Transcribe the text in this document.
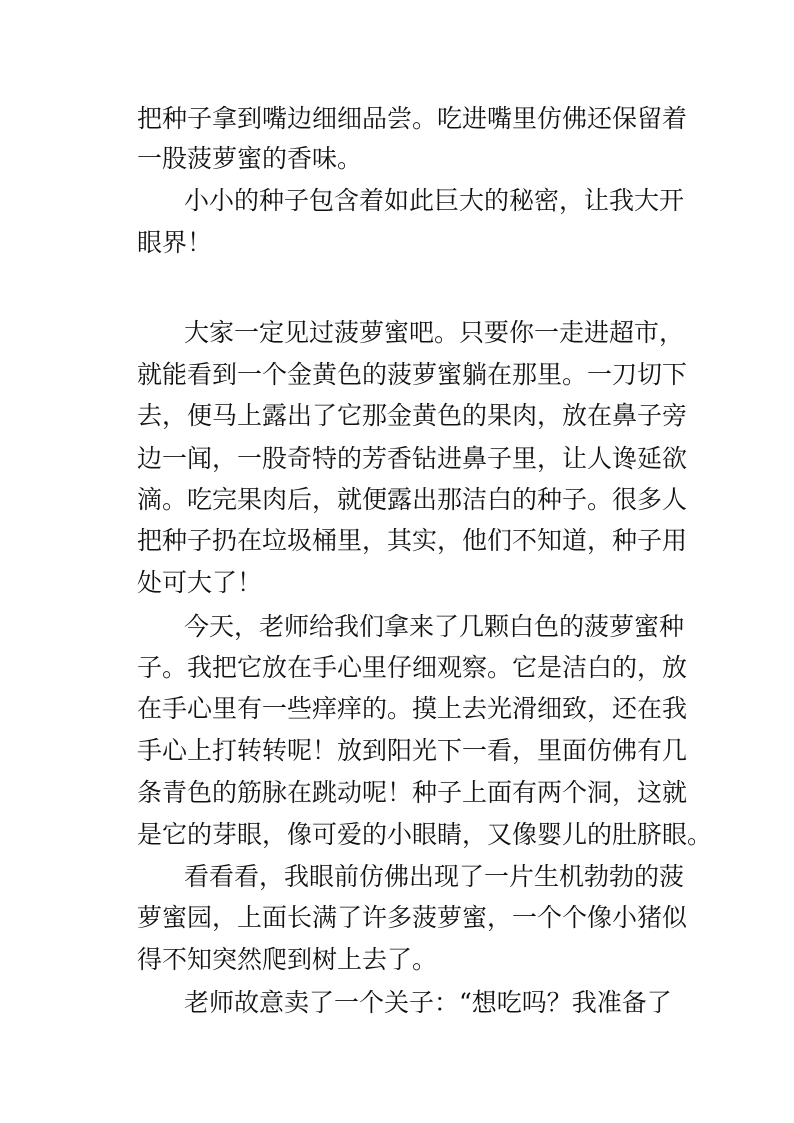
把种子拿到嘴边细细品尝。吃进嘴里仿佛还保留着
一股菠萝蜜的香味。
小小的种子包含着如此巨大的秘密，让我大开
眼界！
大家一定见过菠萝蜜吧。只要你一走进超市，
就能看到一个金黄色的菠萝蜜躺在那里。一刀切下
去，便马上露出了它那金黄色的果肉，放在鼻子旁
边一闻，一股奇特的芳香钻进鼻子里，让人谗延欲
滴。吃完果肉后，就便露出那洁白的种子。很多人
把种子扔在垃圾桶里，其实，他们不知道，种子用
处可大了！
今天，老师给我们拿来了几颗白色的菠萝蜜种
子。我把它放在手心里仔细观察。它是洁白的，放
在手心里有一些痒痒的。摸上去光滑细致，还在我
手心上打转转呢！放到阳光下一看，里面仿佛有几
条青色的筋脉在跳动呢！种子上面有两个洞，这就
是它的芽眼，像可爱的小眼睛，又像婴儿的肚脐眼。
看看看，我眼前仿佛出现了一片生机勃勃的菠
萝蜜园，上面长满了许多菠萝蜜，一个个像小猪似
得不知突然爬到树上去了。
老师故意卖了一个关子：“想吃吗？我准备了
